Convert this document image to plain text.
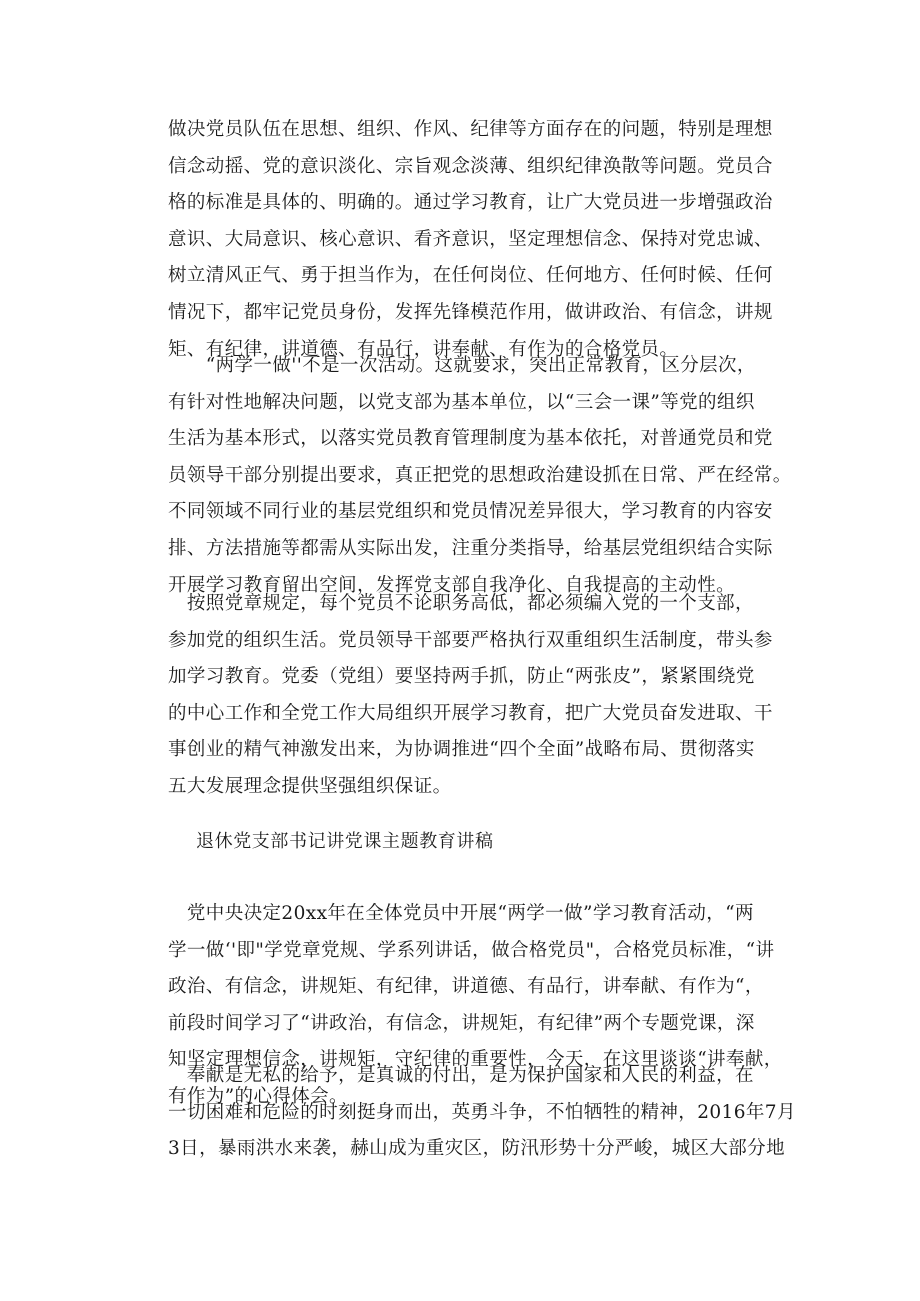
做决党员队伍在思想、组织、作风、纪律等方面存在的问题，特别是理想
信念动摇、党的意识淡化、宗旨观念淡薄、组织纪律涣散等问题。党员合
格的标准是具体的、明确的。通过学习教育，让广大党员进一步增强政治
意识、大局意识、核心意识、看齐意识，坚定理想信念、保持对党忠诚、
树立清风正气、勇于担当作为，在任何岗位、任何地方、任何时候、任何
情况下，都牢记党员身份，发挥先锋模范作用，做讲政治、有信念，讲规
矩、有纪律，讲道德、有品行，讲奉献、有作为的合格党员。
　　“两学一做''不是一次活动。这就要求，突出正常教育，区分层次，
有针对性地解决问题，以党支部为基本单位，以“三会一课”等党的组织
生活为基本形式，以落实党员教育管理制度为基本依托，对普通党员和党
员领导干部分别提出要求，真正把党的思想政治建设抓在日常、严在经常。
不同领域不同行业的基层党组织和党员情况差异很大，学习教育的内容安
排、方法措施等都需从实际出发，注重分类指导，给基层党组织结合实际
开展学习教育留出空间，发挥党支部自我净化、自我提高的主动性。
　按照党章规定，每个党员不论职务高低，都必须编入党的一个支部，
参加党的组织生活。党员领导干部要严格执行双重组织生活制度，带头参
加学习教育。党委（党组）要坚持两手抓，防止“两张皮”，紧紧围绕党
的中心工作和全党工作大局组织开展学习教育，把广大党员奋发进取、干
事创业的精气神激发出来，为协调推进“四个全面”战略布局、贯彻落实
五大发展理念提供坚强组织保证。
退休党支部书记讲党课主题教育讲稿
　党中央决定20xx年在全体党员中开展“两学一做”学习教育活动，“两
学一做‘'即"学党章党规、学系列讲话，做合格党员"，合格党员标准，“讲
政治、有信念，讲规矩、有纪律，讲道德、有品行，讲奉献、有作为“，
前段时间学习了“讲政治，有信念，讲规矩，有纪律”两个专题党课，深
知坚定理想信念，讲规矩，守纪律的重要性，今天，在这里谈谈“讲奉献，
有作为”的心得体会。
　奉献是无私的给予，是真诚的付出，是为保护国家和人民的利益，在
一切困难和危险的时刻挺身而出，英勇斗争，不怕牺牲的精神，2016年7月
3日，暴雨洪水来袭，赫山成为重灾区，防汛形势十分严峻，城区大部分地
